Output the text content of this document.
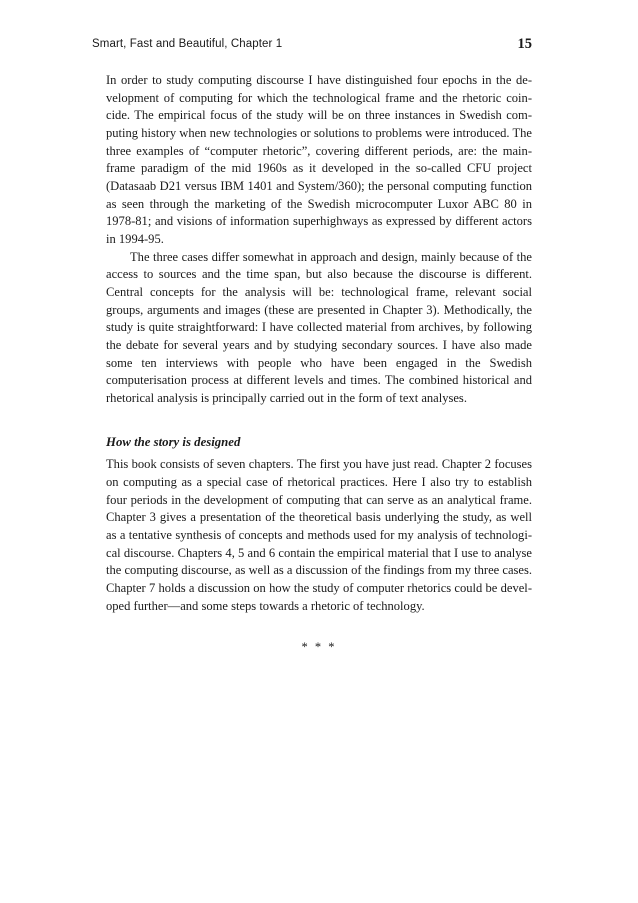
Smart, Fast and Beautiful, Chapter 1	15

In order to study computing discourse I have distinguished four epochs in the development of computing for which the technological frame and the rhetoric coincide. The empirical focus of the study will be on three instances in Swedish computing history when new technologies or solutions to problems were introduced. The three examples of “computer rhetoric”, covering different periods, are: the mainframe paradigm of the mid 1960s as it developed in the so-called CFU project (Datasaab D21 versus IBM 1401 and System/360); the personal computing function as seen through the marketing of the Swedish microcomputer Luxor ABC 80 in 1978-81; and visions of information superhighways as expressed by different actors in 1994-95.

The three cases differ somewhat in approach and design, mainly because of the access to sources and the time span, but also because the discourse is different. Central concepts for the analysis will be: technological frame, relevant social groups, arguments and images (these are presented in Chapter 3). Methodically, the study is quite straightforward: I have collected material from archives, by following the debate for several years and by studying secondary sources. I have also made some ten interviews with people who have been engaged in the Swedish computerisation process at different levels and times. The combined historical and rhetorical analysis is principally carried out in the form of text analyses.

How the story is designed

This book consists of seven chapters. The first you have just read. Chapter 2 focuses on computing as a special case of rhetorical practices. Here I also try to establish four periods in the development of computing that can serve as an analytical frame. Chapter 3 gives a presentation of the theoretical basis underlying the study, as well as a tentative synthesis of concepts and methods used for my analysis of technological discourse. Chapters 4, 5 and 6 contain the empirical material that I use to analyse the computing discourse, as well as a discussion of the findings from my three cases. Chapter 7 holds a discussion on how the study of computer rhetorics could be developed further—and some steps towards a rhetoric of technology.

* * *
